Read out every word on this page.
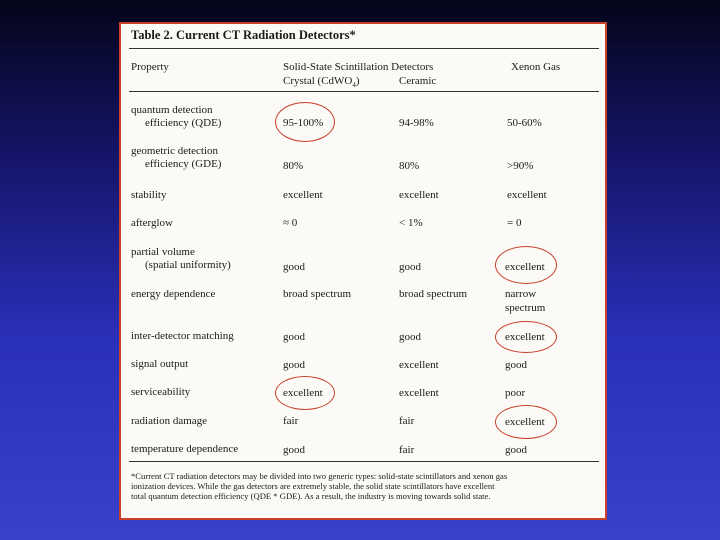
Table 2. Current CT Radiation Detectors*
Property	Solid-State Scintillation Detectors
Crystal (CdWO$_4$)	Ceramic
Xenon Gas
quantum detection
efficiency (QDE)	95-100%	94-98%	50-60%
geometric detection
efficiency (GDE)	80%	80%	>90%
stability	excellent	excellent	excellent
afterglow	≈ 0	< 1%	= 0
partial volume
(spatial uniformity)	good	good	excellent
energy dependence	broad spectrum	broad spectrum	narrow
spectrum
inter-detector matching	good	good	excellent
signal output	good	excellent	good
serviceability	excellent	excellent	poor
radiation damage	fair	fair	excellent
temperature dependence	good	fair	good
*Current CT radiation detectors may be divided into two generic types: solid-state scintillators and xenon gas
ionization devices. While the gas detectors are extremely stable, the solid state scintillators have excellent
total quantum detection efficiency (QDE * GDE). As a result, the industry is moving towards solid state.
